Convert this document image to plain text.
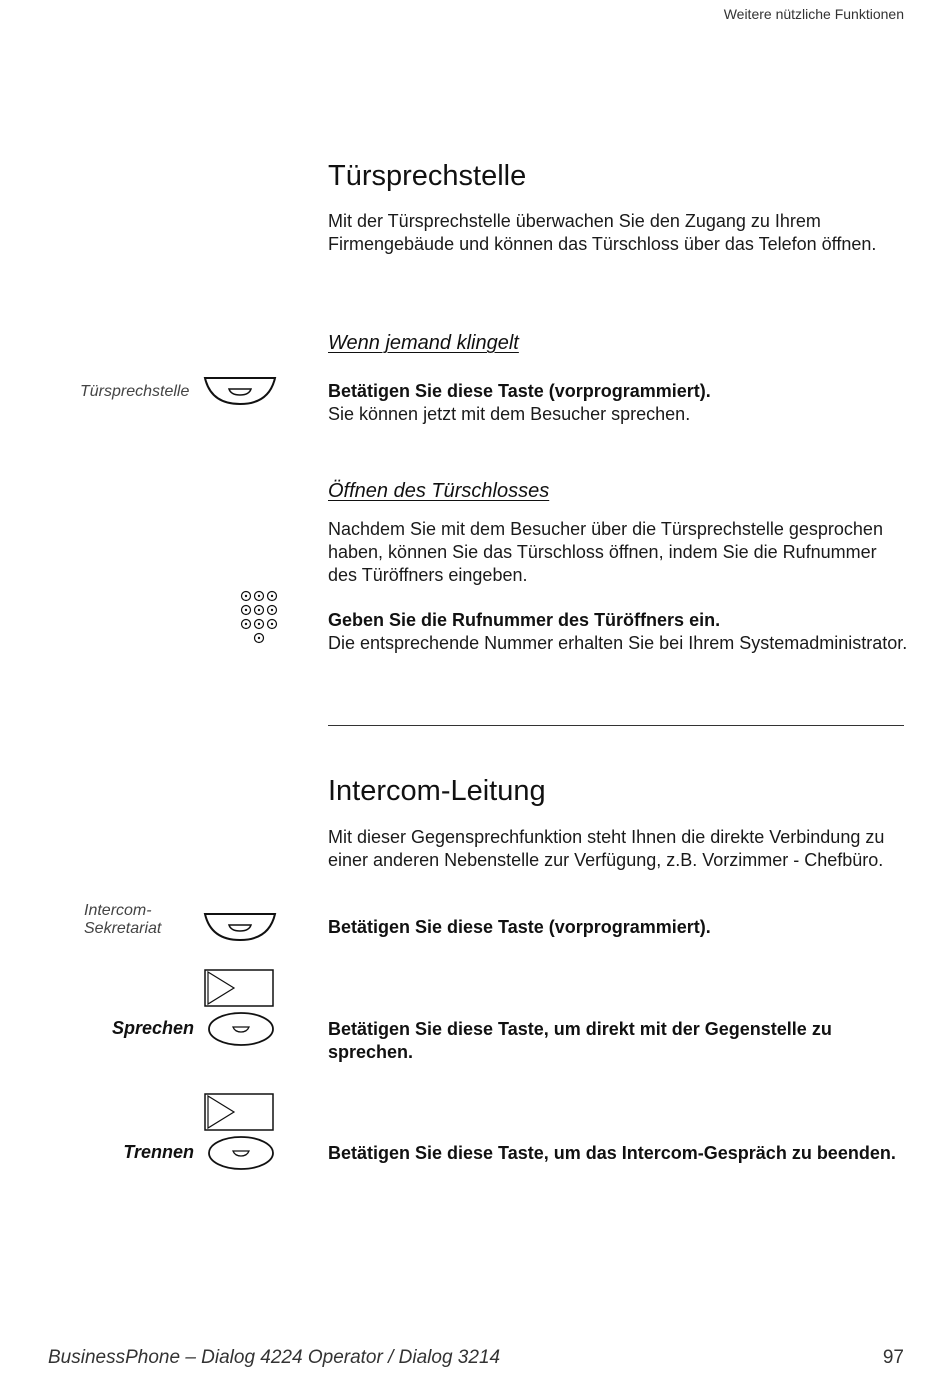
Weitere nützliche Funktionen
Türsprechstelle
Mit der Türsprechstelle überwachen Sie den Zugang zu Ihrem Firmengebäude und können das Türschloss über das Telefon öffnen.
Wenn jemand klingelt
Türsprechstelle	Betätigen Sie diese Taste (vorprogrammiert).
Sie können jetzt mit dem Besucher sprechen.
Öffnen des Türschlosses
Nachdem Sie mit dem Besucher über die Türsprechstelle gesprochen haben, können Sie das Türschloss öffnen, indem Sie die Rufnummer des Türöffners eingeben.
Geben Sie die Rufnummer des Türöffners ein.
Die entsprechende Nummer erhalten Sie bei Ihrem Systemadministrator.
Intercom-Leitung
Mit dieser Gegensprechfunktion steht Ihnen die direkte Verbindung zu einer anderen Nebenstelle zur Verfügung, z.B. Vorzimmer - Chefbüro.
Intercom-
Sekretariat	Betätigen Sie diese Taste (vorprogrammiert).
Sprechen	Betätigen Sie diese Taste, um direkt mit der Gegenstelle zu sprechen.
Trennen	Betätigen Sie diese Taste, um das Intercom-Gespräch zu beenden.
BusinessPhone – Dialog 4224 Operator / Dialog 3214	97
